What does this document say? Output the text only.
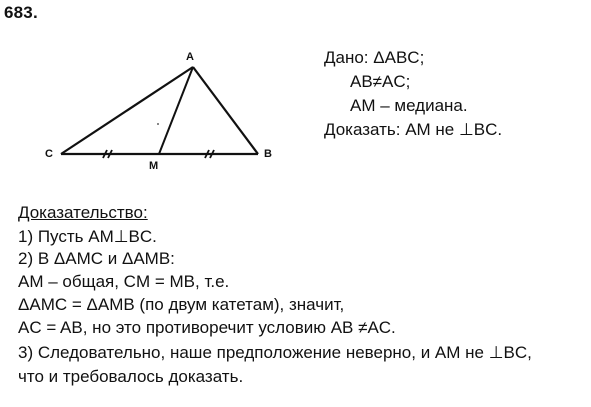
683.
A
B
C
M
Дано: ΔABC;
AB≠AC;
AM – медиана.
Доказать: AM не ⊥BC.
Доказательство:
1) Пусть AM⊥BC.
2) В ΔAMC и ΔAMB:
AM – общая, CM = MB, т.е.
ΔAMC = ΔAMB (по двум катетам), значит,
AC = AB, но это противоречит условию AB ≠AC.
3) Следовательно, наше предположение неверно, и AM не ⊥BC,
что и требовалось доказать.
